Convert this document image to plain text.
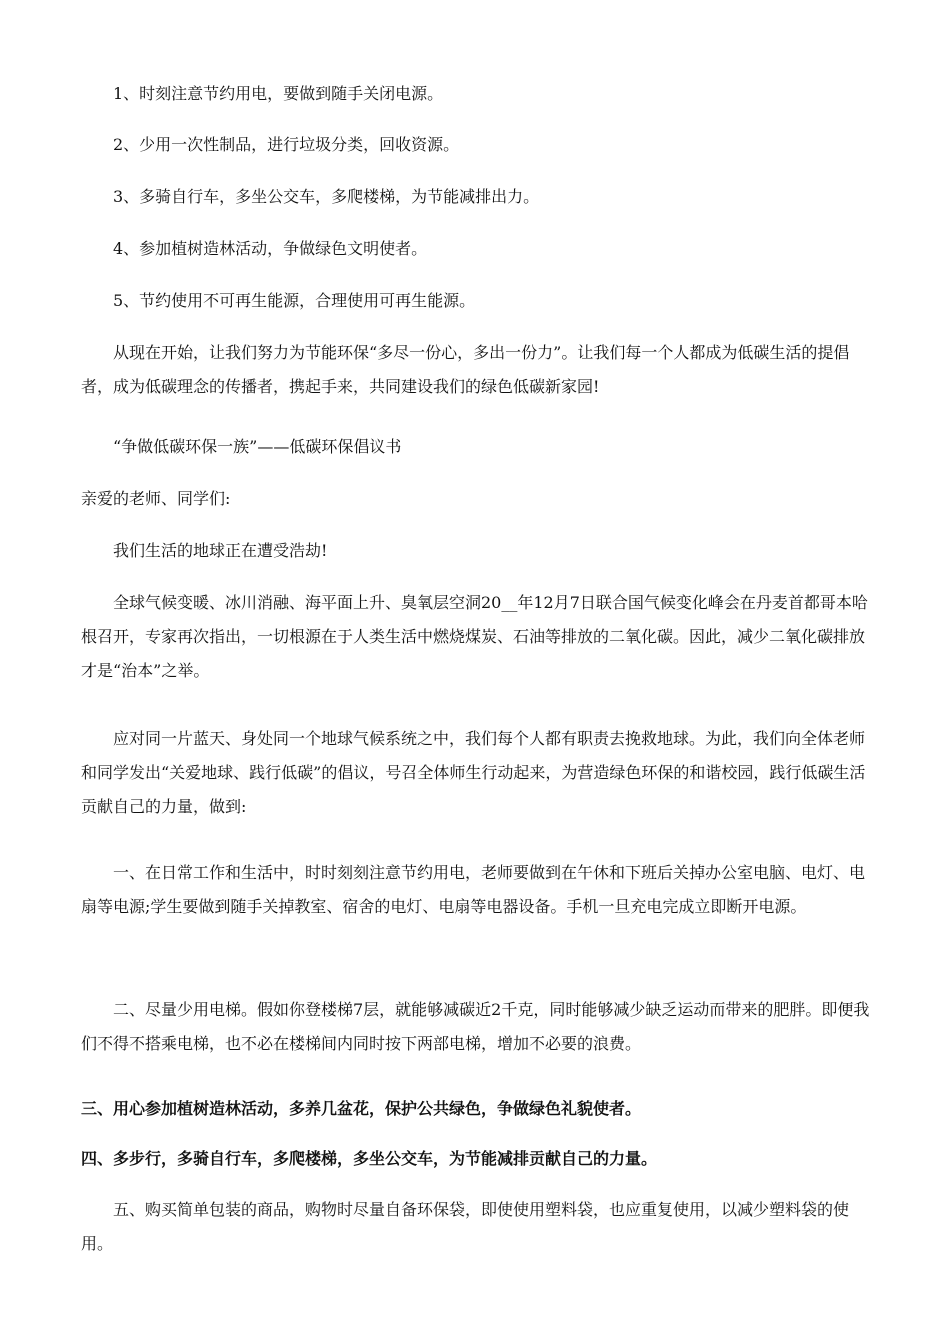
1、时刻注意节约用电，要做到随手关闭电源。

2、少用一次性制品，进行垃圾分类，回收资源。

3、多骑自行车，多坐公交车，多爬楼梯，为节能减排出力。

4、参加植树造林活动，争做绿色文明使者。

5、节约使用不可再生能源，合理使用可再生能源。

从现在开始，让我们努力为节能环保“多尽一份心，多出一份力”。让我们每一个人都成为低碳生活的提倡者，成为低碳理念的传播者，携起手来，共同建设我们的绿色低碳新家园!

“争做低碳环保一族”——低碳环保倡议书

亲爱的老师、同学们:

我们生活的地球正在遭受浩劫!

全球气候变暖、冰川消融、海平面上升、臭氧层空洞20__年12月7日联合国气候变化峰会在丹麦首都哥本哈根召开，专家再次指出，一切根源在于人类生活中燃烧煤炭、石油等排放的二氧化碳。因此，减少二氧化碳排放才是“治本”之举。

应对同一片蓝天、身处同一个地球气候系统之中，我们每个人都有职责去挽救地球。为此，我们向全体老师和同学发出“关爱地球、践行低碳”的倡议，号召全体师生行动起来，为营造绿色环保的和谐校园，践行低碳生活贡献自己的力量，做到:

一、在日常工作和生活中，时时刻刻注意节约用电，老师要做到在午休和下班后关掉办公室电脑、电灯、电扇等电源;学生要做到随手关掉教室、宿舍的电灯、电扇等电器设备。手机一旦充电完成立即断开电源。

二、尽量少用电梯。假如你登楼梯7层，就能够减碳近2千克，同时能够减少缺乏运动而带来的肥胖。即便我们不得不搭乘电梯，也不必在楼梯间内同时按下两部电梯，增加不必要的浪费。

三、用心参加植树造林活动，多养几盆花，保护公共绿色，争做绿色礼貌使者。

四、多步行，多骑自行车，多爬楼梯，多坐公交车，为节能减排贡献自己的力量。

五、购买简单包装的商品，购物时尽量自备环保袋，即使使用塑料袋，也应重复使用，以减少塑料袋的使用。
